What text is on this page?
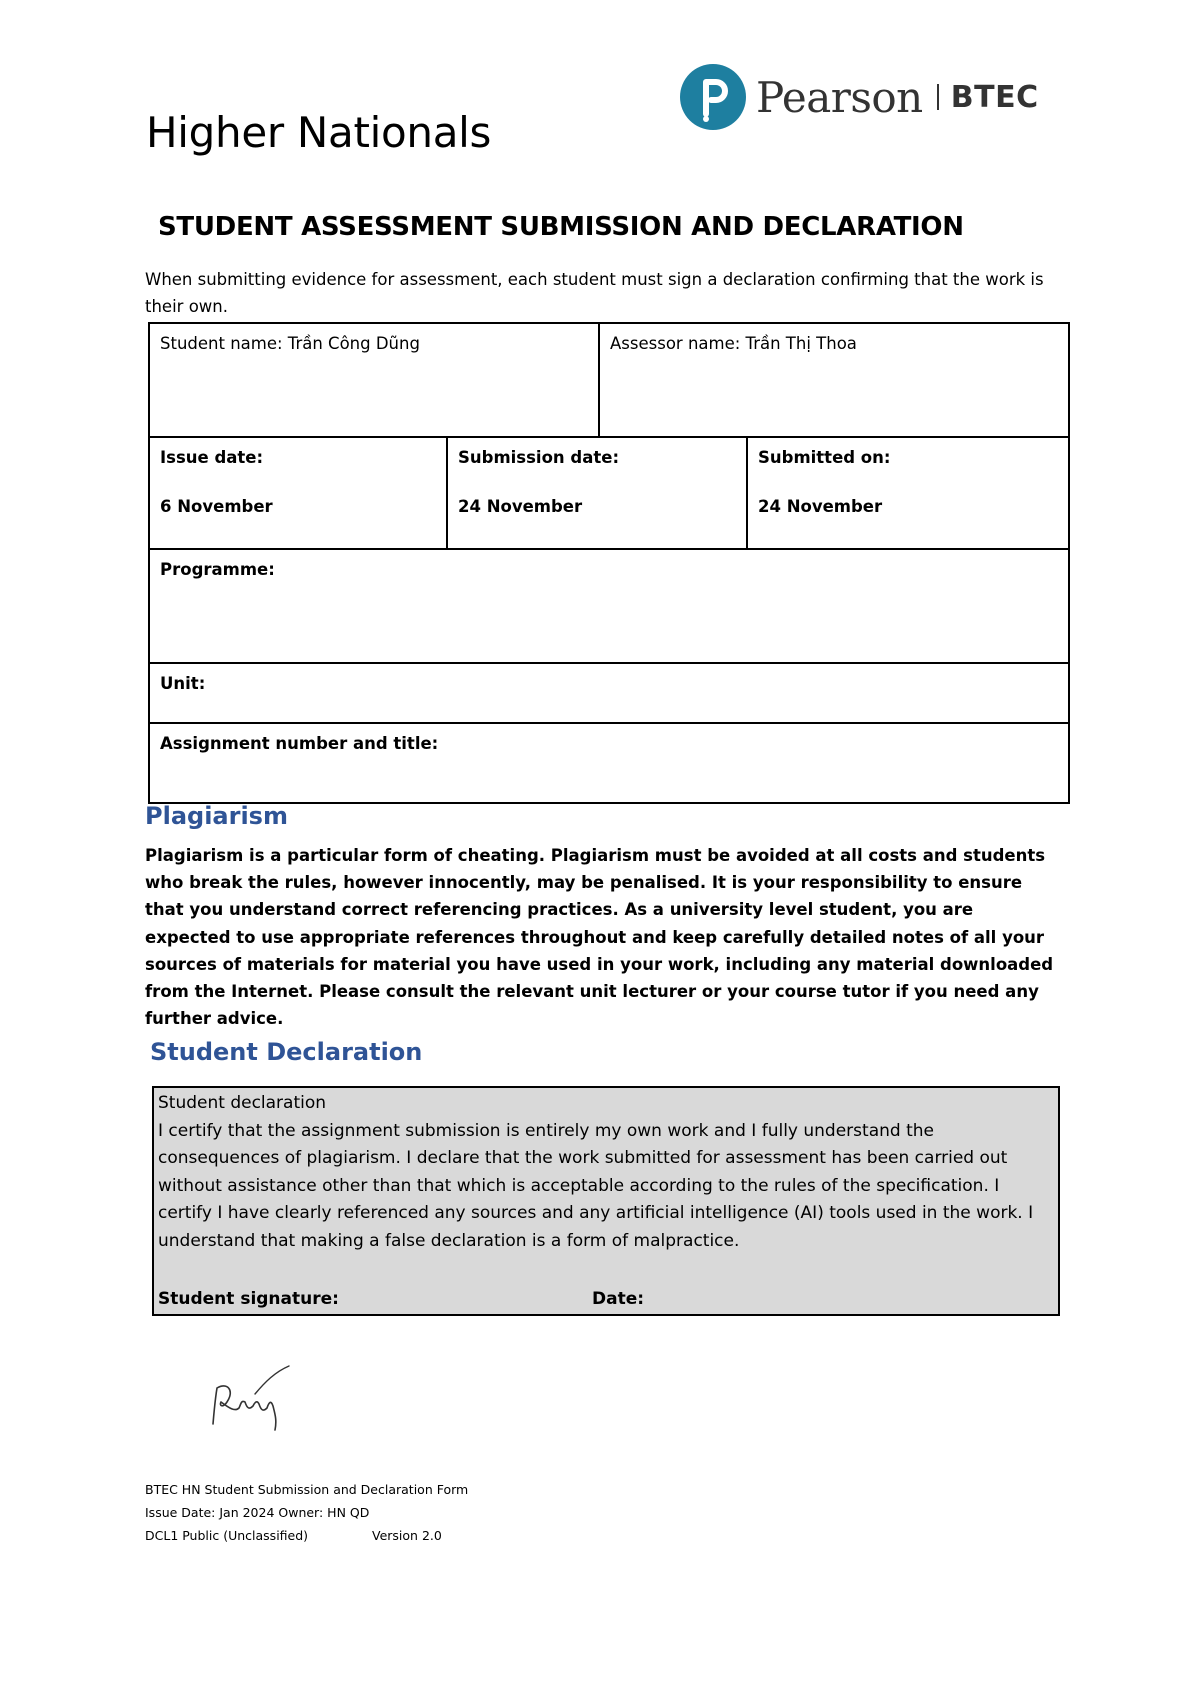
Higher Nationals
Pearson BTEC
STUDENT ASSESSMENT SUBMISSION AND DECLARATION
When submitting evidence for assessment, each student must sign a declaration confirming that the work is their own.
Student name: Trần Công Dũng	Assessor name: Trần Thị Thoa
Issue date:
6 November
Submission date:
24 November
Submitted on:
24 November
Programme:
Unit:
Assignment number and title:
Plagiarism
Plagiarism is a particular form of cheating. Plagiarism must be avoided at all costs and students who break the rules, however innocently, may be penalised. It is your responsibility to ensure that you understand correct referencing practices. As a university level student, you are expected to use appropriate references throughout and keep carefully detailed notes of all your sources of materials for material you have used in your work, including any material downloaded from the Internet. Please consult the relevant unit lecturer or your course tutor if you need any further advice.
Student Declaration
Student declaration
I certify that the assignment submission is entirely my own work and I fully understand the consequences of plagiarism. I declare that the work submitted for assessment has been carried out without assistance other than that which is acceptable according to the rules of the specification. I certify I have clearly referenced any sources and any artificial intelligence (AI) tools used in the work. I understand that making a false declaration is a form of malpractice.
Student signature:	Date:
BTEC HN Student Submission and Declaration Form
Issue Date: Jan 2024 Owner: HN QD
DCL1 Public (Unclassified)	Version 2.0
